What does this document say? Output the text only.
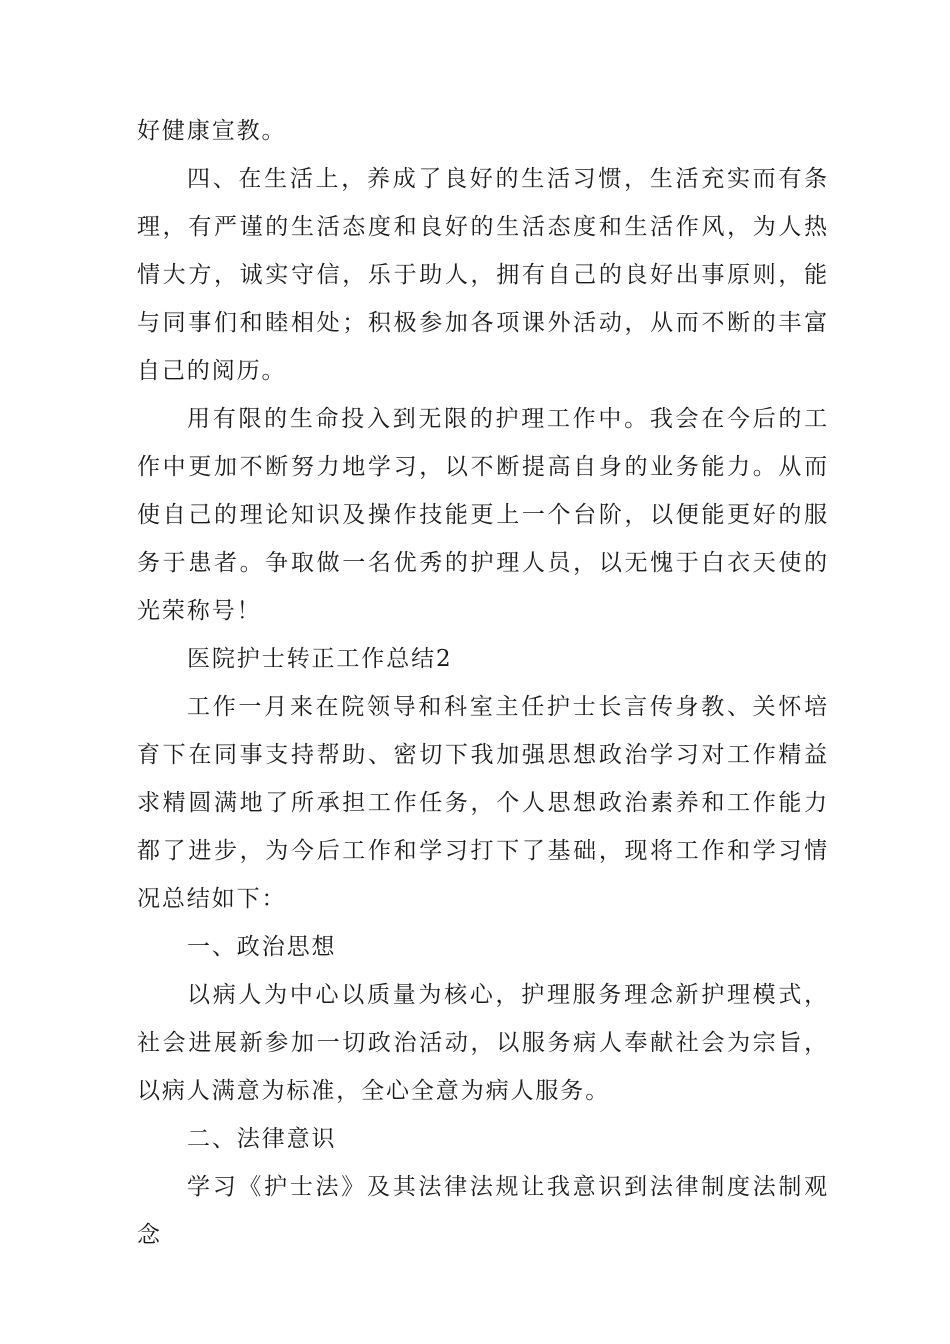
好健康宣教。

四、在生活上，养成了良好的生活习惯，生活充实而有条理，有严谨的生活态度和良好的生活态度和生活作风，为人热情大方，诚实守信，乐于助人，拥有自己的良好出事原则，能与同事们和睦相处；积极参加各项课外活动，从而不断的丰富自己的阅历。

用有限的生命投入到无限的护理工作中。我会在今后的工作中更加不断努力地学习，以不断提高自身的业务能力。从而使自己的理论知识及操作技能更上一个台阶，以便能更好的服务于患者。争取做一名优秀的护理人员，以无愧于白衣天使的光荣称号！

医院护士转正工作总结2

工作一月来在院领导和科室主任护士长言传身教、关怀培育下在同事支持帮助、密切下我加强思想政治学习对工作精益求精圆满地了所承担工作任务，个人思想政治素养和工作能力都了进步，为今后工作和学习打下了基础，现将工作和学习情况总结如下：

一、政治思想

以病人为中心以质量为核心，护理服务理念新护理模式，社会进展新参加一切政治活动，以服务病人奉献社会为宗旨，以病人满意为标准，全心全意为病人服务。

二、法律意识

学习《护士法》及其法律法规让我意识到法律制度法制观念
